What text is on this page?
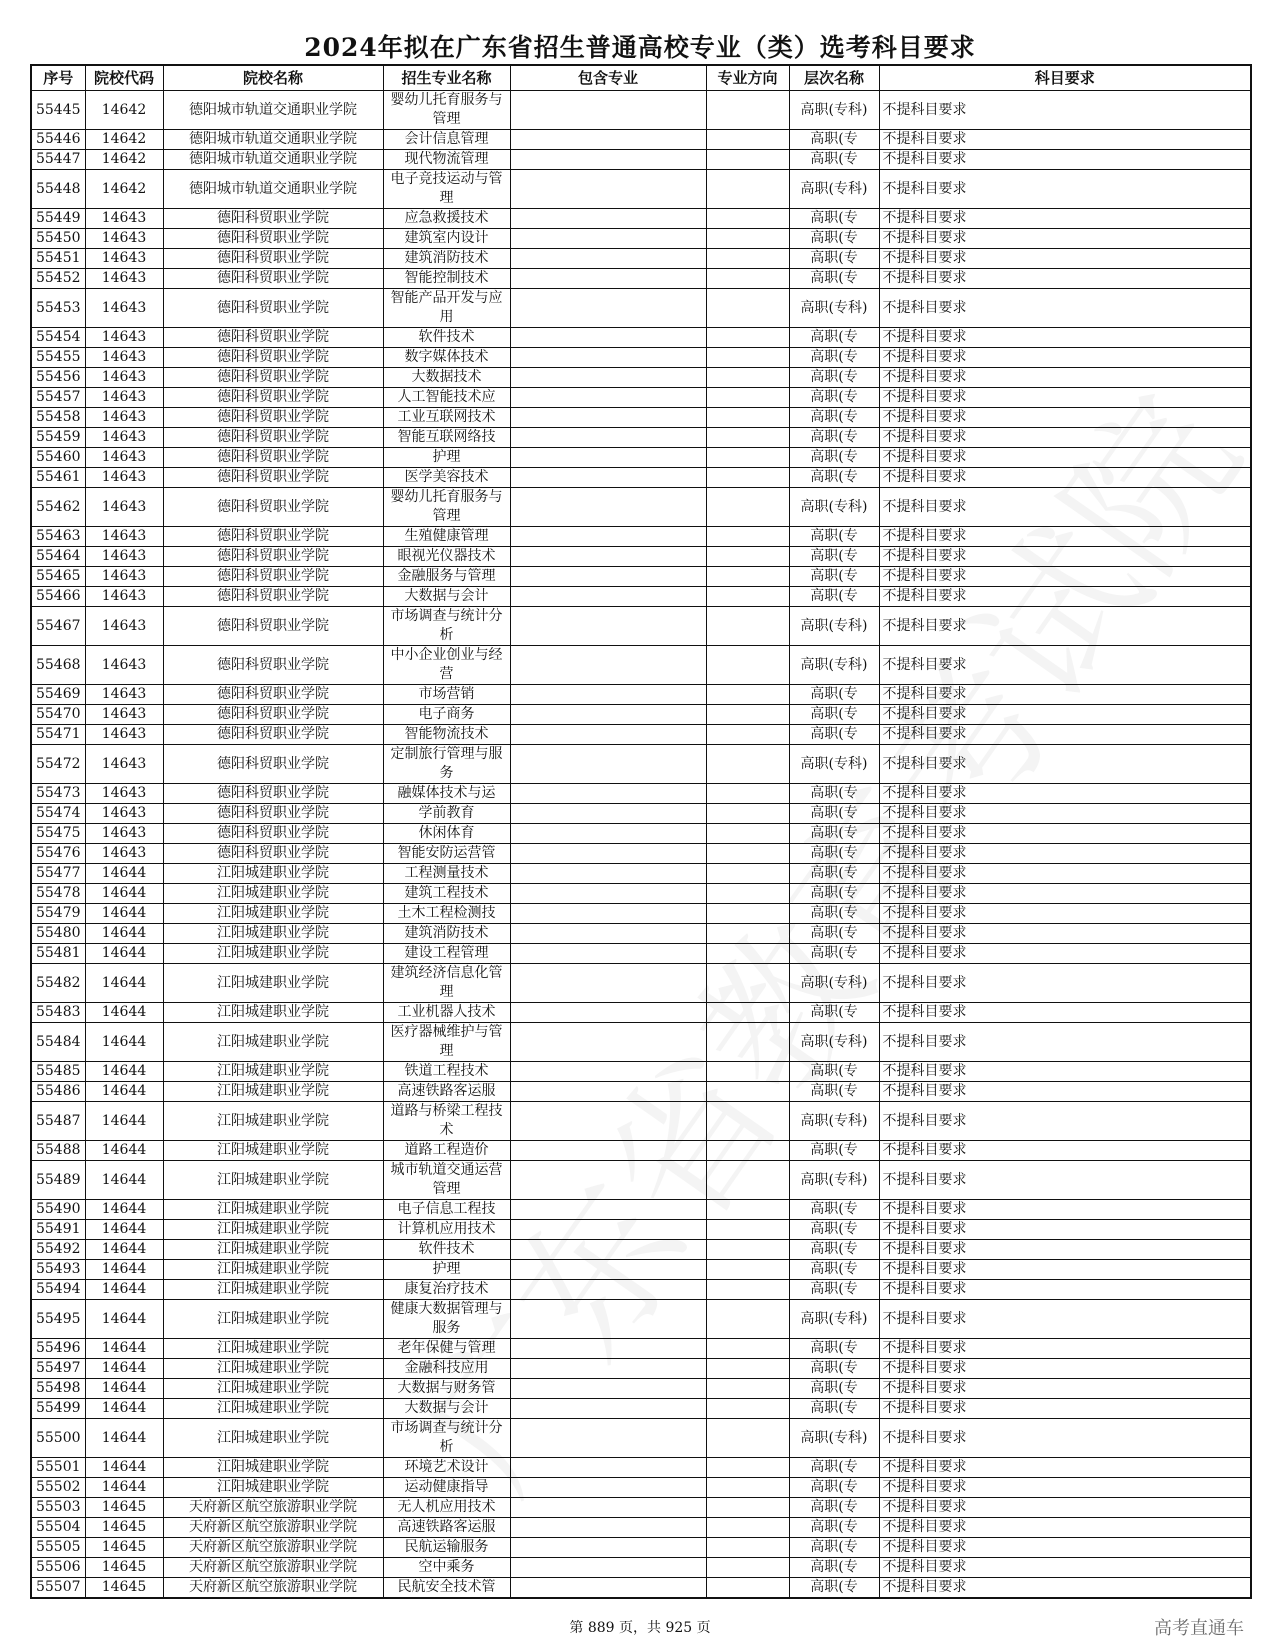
2024年拟在广东省招生普通高校专业（类）选考科目要求
序号	院校代码	院校名称	招生专业名称	包含专业	专业方向	层次名称	科目要求
55445	14642	德阳城市轨道交通职业学院	婴幼儿托育服务与管理			高职(专科)	不提科目要求
55446	14642	德阳城市轨道交通职业学院	会计信息管理			高职(专	不提科目要求
55447	14642	德阳城市轨道交通职业学院	现代物流管理			高职(专	不提科目要求
55448	14642	德阳城市轨道交通职业学院	电子竞技运动与管理			高职(专科)	不提科目要求
55449	14643	德阳科贸职业学院	应急救援技术			高职(专	不提科目要求
55450	14643	德阳科贸职业学院	建筑室内设计			高职(专	不提科目要求
55451	14643	德阳科贸职业学院	建筑消防技术			高职(专	不提科目要求
55452	14643	德阳科贸职业学院	智能控制技术			高职(专	不提科目要求
55453	14643	德阳科贸职业学院	智能产品开发与应用			高职(专科)	不提科目要求
55454	14643	德阳科贸职业学院	软件技术			高职(专	不提科目要求
55455	14643	德阳科贸职业学院	数字媒体技术			高职(专	不提科目要求
55456	14643	德阳科贸职业学院	大数据技术			高职(专	不提科目要求
55457	14643	德阳科贸职业学院	人工智能技术应			高职(专	不提科目要求
55458	14643	德阳科贸职业学院	工业互联网技术			高职(专	不提科目要求
55459	14643	德阳科贸职业学院	智能互联网络技			高职(专	不提科目要求
55460	14643	德阳科贸职业学院	护理			高职(专	不提科目要求
55461	14643	德阳科贸职业学院	医学美容技术			高职(专	不提科目要求
55462	14643	德阳科贸职业学院	婴幼儿托育服务与管理			高职(专科)	不提科目要求
55463	14643	德阳科贸职业学院	生殖健康管理			高职(专	不提科目要求
55464	14643	德阳科贸职业学院	眼视光仪器技术			高职(专	不提科目要求
55465	14643	德阳科贸职业学院	金融服务与管理			高职(专	不提科目要求
55466	14643	德阳科贸职业学院	大数据与会计			高职(专	不提科目要求
55467	14643	德阳科贸职业学院	市场调查与统计分析			高职(专科)	不提科目要求
55468	14643	德阳科贸职业学院	中小企业创业与经营			高职(专科)	不提科目要求
55469	14643	德阳科贸职业学院	市场营销			高职(专	不提科目要求
55470	14643	德阳科贸职业学院	电子商务			高职(专	不提科目要求
55471	14643	德阳科贸职业学院	智能物流技术			高职(专	不提科目要求
55472	14643	德阳科贸职业学院	定制旅行管理与服务			高职(专科)	不提科目要求
55473	14643	德阳科贸职业学院	融媒体技术与运			高职(专	不提科目要求
55474	14643	德阳科贸职业学院	学前教育			高职(专	不提科目要求
55475	14643	德阳科贸职业学院	休闲体育			高职(专	不提科目要求
55476	14643	德阳科贸职业学院	智能安防运营管			高职(专	不提科目要求
55477	14644	江阳城建职业学院	工程测量技术			高职(专	不提科目要求
55478	14644	江阳城建职业学院	建筑工程技术			高职(专	不提科目要求
55479	14644	江阳城建职业学院	土木工程检测技			高职(专	不提科目要求
55480	14644	江阳城建职业学院	建筑消防技术			高职(专	不提科目要求
55481	14644	江阳城建职业学院	建设工程管理			高职(专	不提科目要求
55482	14644	江阳城建职业学院	建筑经济信息化管理			高职(专科)	不提科目要求
55483	14644	江阳城建职业学院	工业机器人技术			高职(专	不提科目要求
55484	14644	江阳城建职业学院	医疗器械维护与管理			高职(专科)	不提科目要求
55485	14644	江阳城建职业学院	铁道工程技术			高职(专	不提科目要求
55486	14644	江阳城建职业学院	高速铁路客运服			高职(专	不提科目要求
55487	14644	江阳城建职业学院	道路与桥梁工程技术			高职(专科)	不提科目要求
55488	14644	江阳城建职业学院	道路工程造价			高职(专	不提科目要求
55489	14644	江阳城建职业学院	城市轨道交通运营管理			高职(专科)	不提科目要求
55490	14644	江阳城建职业学院	电子信息工程技			高职(专	不提科目要求
55491	14644	江阳城建职业学院	计算机应用技术			高职(专	不提科目要求
55492	14644	江阳城建职业学院	软件技术			高职(专	不提科目要求
55493	14644	江阳城建职业学院	护理			高职(专	不提科目要求
55494	14644	江阳城建职业学院	康复治疗技术			高职(专	不提科目要求
55495	14644	江阳城建职业学院	健康大数据管理与服务			高职(专科)	不提科目要求
55496	14644	江阳城建职业学院	老年保健与管理			高职(专	不提科目要求
55497	14644	江阳城建职业学院	金融科技应用			高职(专	不提科目要求
55498	14644	江阳城建职业学院	大数据与财务管			高职(专	不提科目要求
55499	14644	江阳城建职业学院	大数据与会计			高职(专	不提科目要求
55500	14644	江阳城建职业学院	市场调查与统计分析			高职(专科)	不提科目要求
55501	14644	江阳城建职业学院	环境艺术设计			高职(专	不提科目要求
55502	14644	江阳城建职业学院	运动健康指导			高职(专	不提科目要求
55503	14645	天府新区航空旅游职业学院	无人机应用技术			高职(专	不提科目要求
55504	14645	天府新区航空旅游职业学院	高速铁路客运服			高职(专	不提科目要求
55505	14645	天府新区航空旅游职业学院	民航运输服务			高职(专	不提科目要求
55506	14645	天府新区航空旅游职业学院	空中乘务			高职(专	不提科目要求
55507	14645	天府新区航空旅游职业学院	民航安全技术管			高职(专	不提科目要求
第 889 页，共 925 页	高考直通车
